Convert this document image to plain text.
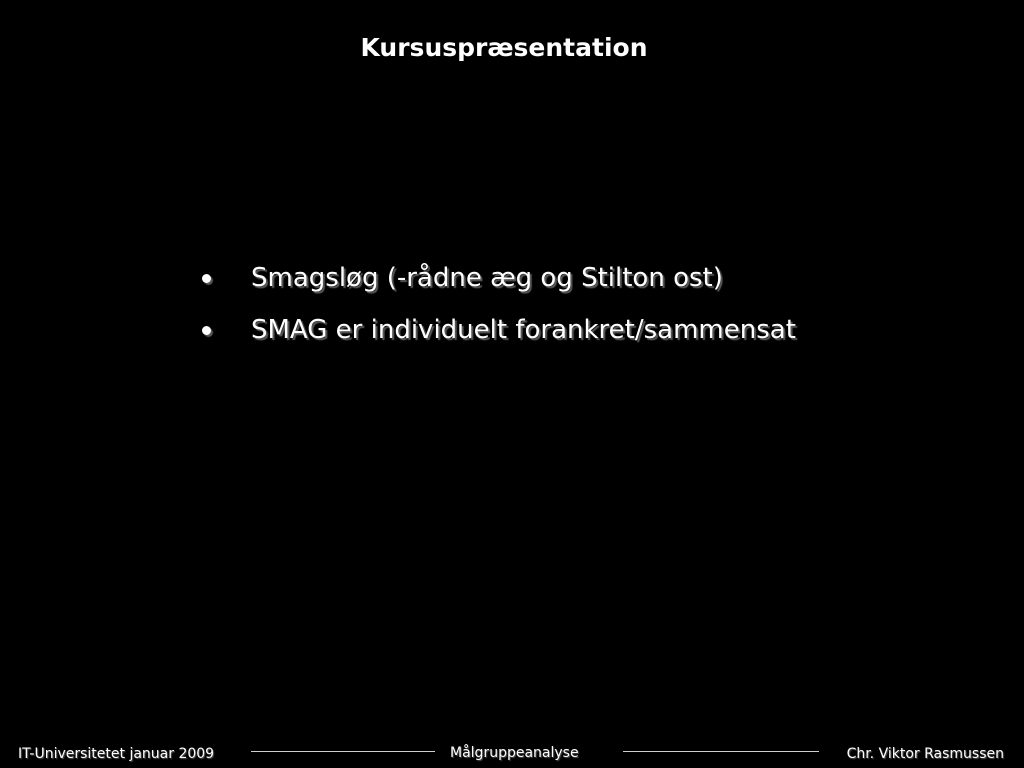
Kursuspræsentation
Smagsløg (-rådne æg og Stilton ost)
SMAG er individuelt forankret/sammensat
IT-Universitetet januar 2009	Målgruppeanalyse	Chr. Viktor Rasmussen
